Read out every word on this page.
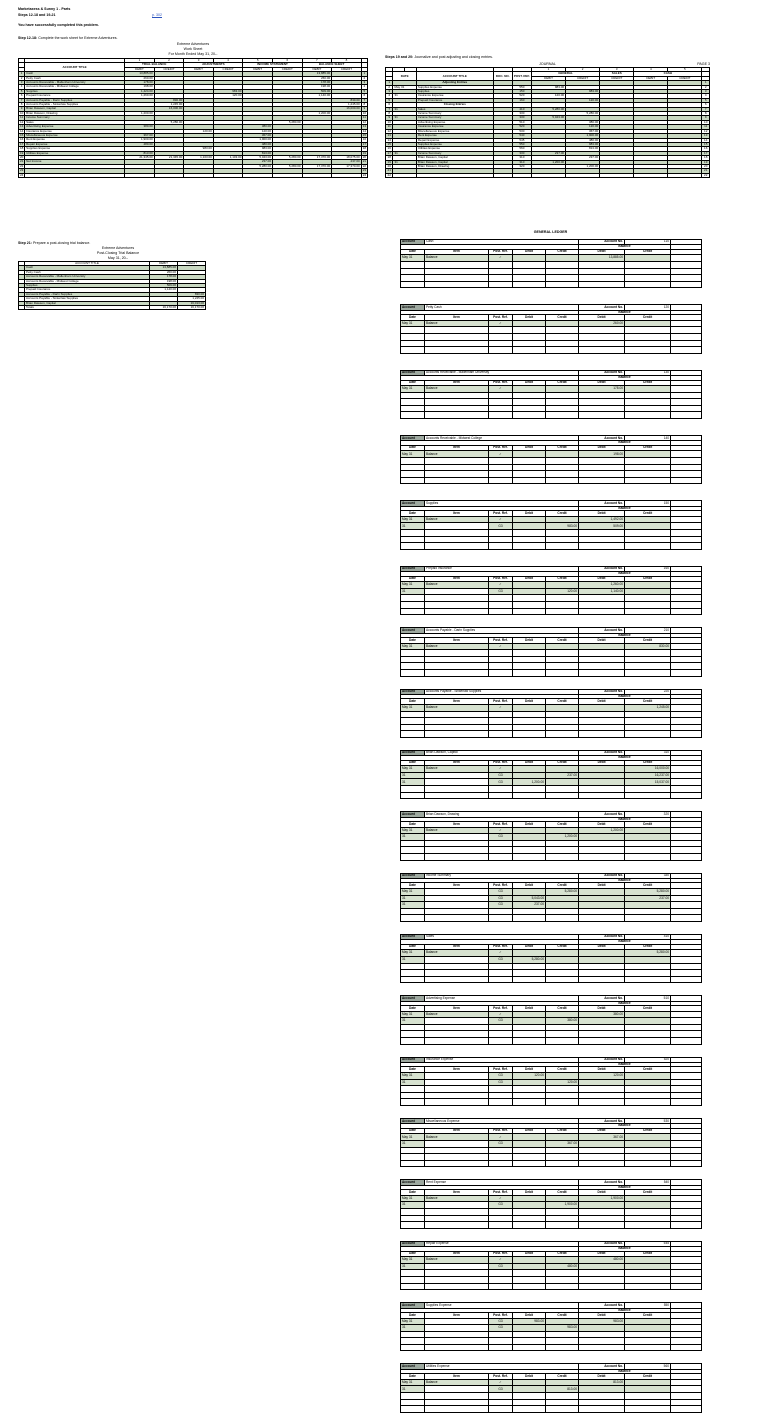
Marketaxess & Sunny 1 - Parts
Steps 12-18 and 19-21	p. 302
You have successfully completed this problem.
Step 12-18: Complete the work sheet for Extreme Adventures.
Extreme Adventures
Work Sheet
For Month Ended May 31, 20--
		1	2	3	4	5	6	7	8	
	ACCOUNT TITLE	TRIAL BALANCE		ADJUSTMENTS		INCOME STATEMENT		BALANCE SHEET		
		DEBIT	CREDIT	DEBIT	CREDIT	DEBIT	CREDIT	DEBIT	CREDIT	
1	Cash	13,885.00						13,885.00		1
2	Petty Cash	260.00						260.00		2
3	Accounts Receivable - Mallenham University	178.00						178.00		3
4	Accounts Receivable - Midwest College	198.00						198.00		4
5	Supplies	1,424.00			983.00			509.00		5
6	Prepaid Insurance	1,260.00			120.00			1,140.00		6
7	Accounts Payable - Darin Supplies		830.00						830.00	7
8	Accounts Payable - Sinkerlaw Supplies		1,245.00						1,245.00	8
9	Brian Dawson, Capital		16,000.00						16,000.00	9
10	Brian Dawson, Drawing	1,200.00						1,200.00		10
11	Income Summary									11
12	Sales		5,280.00				5,280.00			12
13	Advertising Expense	380.00				380.00				13
14	Insurance Expense			120.00		120.00				14
15	Miscellaneous Expense	367.00				367.00				15
16	Rent Expense	1,900.00				1,900.00				16
17	Repair Expense	480.00				480.00				17
18	Supplies Expense			983.00		983.00				18
19	Utilities Expense	813.00				813.00				19
20		21,345.00	21,345.00	1,103.00	1,103.00	5,043.00	5,280.00	17,370.00	18,075.00	20
21	Net Income					237.00			237.00	21
22						5,280.00	5,280.00	17,370.00	17,370.00	22
23										23
24										24
Step 21: Prepare a post-closing trial balance.
Extreme Adventures
Post-Closing Trial Balance
May 31, 20--
	ACCOUNT TITLE	DEBIT	CREDIT
	Cash	13,885.00	
	Petty Cash	260.00	
	Accounts Receivable - Mallenham University	178.00	
	Accounts Receivable - Midwest College	198.00	
	Supplies	509.00	
	Prepaid Insurance	1,140.00	
	Accounts Payable - Darin Supplies		830.00
	Accounts Payable - Sinkerlaw Supplies		1,245.00
	Brian Dawson, Capital		16,013.00
	Totals	16,170.00	16,170.00
Steps 19 and 20: Journalize and post adjusting and closing entries.
JOURNAL	PAGE 3
						1	2	3	4	5	
	DATE		ACCOUNT TITLE	DOC. NO.	POST. REF.	GENERAL		SALES	CASH		
						DEBIT	CREDIT	CREDIT	DEBIT	CREDIT	
1			Adjusting Entries								1
2	May 31		Supplies Expense		550	983.00					2
3			Supplies		150		983.00				3
4	31		Insurance Expense		520	120.00					4
5			Prepaid Insurance		160		120.00				5
6			Closing Entries								6
7	31		Sales		410	5,280.00					7
8			Income Summary		330		5,280.00				8
9	31		Income Summary		330	5,043.00					9
10			Advertising Expense		510		380.00				10
11			Insurance Expense		520		120.00				11
12			Miscellaneous Expense		530		367.00				12
13			Rent Expense		540		1,900.00				13
14			Repair Expense		545		480.00				14
15			Supplies Expense		550		983.00				15
16			Utilities Expense		560		813.00				16
17	31		Income Summary		330	237.00					17
18			Brian Dawson, Capital		310		237.00				18
19	31		Brian Dawson, Capital		310	1,200.00					19
20			Brian Dawson, Drawing		320		1,200.00				20
21											21
22											22
GENERAL LEDGER
Account	Cash				Account No.	110	
					Balance		
Date	Item	Post. Ref.	Debit	Credit	Debit	Credit	
May 31	Balance	✓			13,885.00		

Account	Petty Cash				Account No.	120	
					Balance		
Date	Item	Post. Ref.	Debit	Credit	Debit	Credit	
May 31	Balance	✓			260.00		

Account	Accounts Receivable - Mallenham University				Account No.	130	
					Balance		
Date	Item	Post. Ref.	Debit	Credit	Debit	Credit	
May 31	Balance	✓			178.00		

Account	Accounts Receivable - Midwest College				Account No.	140	
					Balance		
Date	Item	Post. Ref.	Debit	Credit	Debit	Credit	
May 31	Balance	✓			198.00		

Account	Supplies				Account No.	150	
					Balance		
Date	Item	Post. Ref.	Debit	Credit	Debit	Credit	
May 31	Balance	✓			1,492.00		
31		G3		983.00	509.00		

Account	Prepaid Insurance				Account No.	160	
					Balance		
Date	Item	Post. Ref.	Debit	Credit	Debit	Credit	
May 31	Balance	✓			1,260.00		
31		G3		120.00	1,140.00		

Account	Accounts Payable - Darin Supplies				Account No.	210	
					Balance		
Date	Item	Post. Ref.	Debit	Credit	Debit	Credit	
May 31	Balance	✓				830.00	

Account	Accounts Payable - Sinkerlaw Supplies				Account No.	220	
					Balance		
Date	Item	Post. Ref.	Debit	Credit	Debit	Credit	
May 31	Balance	✓				1,245.00	

Account	Brian Dawson, Capital				Account No.	310	
					Balance		
Date	Item	Post. Ref.	Debit	Credit	Debit	Credit	
May 31	Balance	✓				16,000.00	
31		G3		237.00		16,237.00	
31		G3	1,200.00			15,037.00	

Account	Brian Dawson, Drawing				Account No.	320	
					Balance		
Date	Item	Post. Ref.	Debit	Credit	Debit	Credit	
May 31	Balance	✓			1,200.00		
31		G3		1,200.00			

Account	Income Summary				Account No.	330	
					Balance		
Date	Item	Post. Ref.	Debit	Credit	Debit	Credit	
May 31		G3		5,280.00		5,280.00	
31		G3	5,043.00			237.00	
31		G3	237.00				

Account	Sales				Account No.	410	
					Balance		
Date	Item	Post. Ref.	Debit	Credit	Debit	Credit	
May 31	Balance	✓				5,280.00	
31		G3	5,280.00				

Account	Advertising Expense				Account No.	510	
					Balance		
Date	Item	Post. Ref.	Debit	Credit	Debit	Credit	
May 31	Balance	✓			380.00		
31		G3		380.00			

Account	Insurance Expense				Account No.	520	
					Balance		
Date	Item	Post. Ref.	Debit	Credit	Debit	Credit	
May 31		G3	120.00		120.00		
31		G3		120.00			

Account	Miscellaneous Expense				Account No.	530	
					Balance		
Date	Item	Post. Ref.	Debit	Credit	Debit	Credit	
May 31	Balance	✓			367.00		
31		G3		367.00			

Account	Rent Expense				Account No.	540	
					Balance		
Date	Item	Post. Ref.	Debit	Credit	Debit	Credit	
May 31	Balance	✓			1,900.00		
31		G3		1,900.00			

Account	Repair Expense				Account No.	545	
					Balance		
Date	Item	Post. Ref.	Debit	Credit	Debit	Credit	
May 31	Balance	✓			480.00		
31		G3		480.00			

Account	Supplies Expense				Account No.	550	
					Balance		
Date	Item	Post. Ref.	Debit	Credit	Debit	Credit	
May 31		G3	983.00		983.00		
31		G3		983.00			

Account	Utilities Expense				Account No.	560	
					Balance		
Date	Item	Post. Ref.	Debit	Credit	Debit	Credit	
May 31	Balance	✓			813.00		
31		G3		813.00			
